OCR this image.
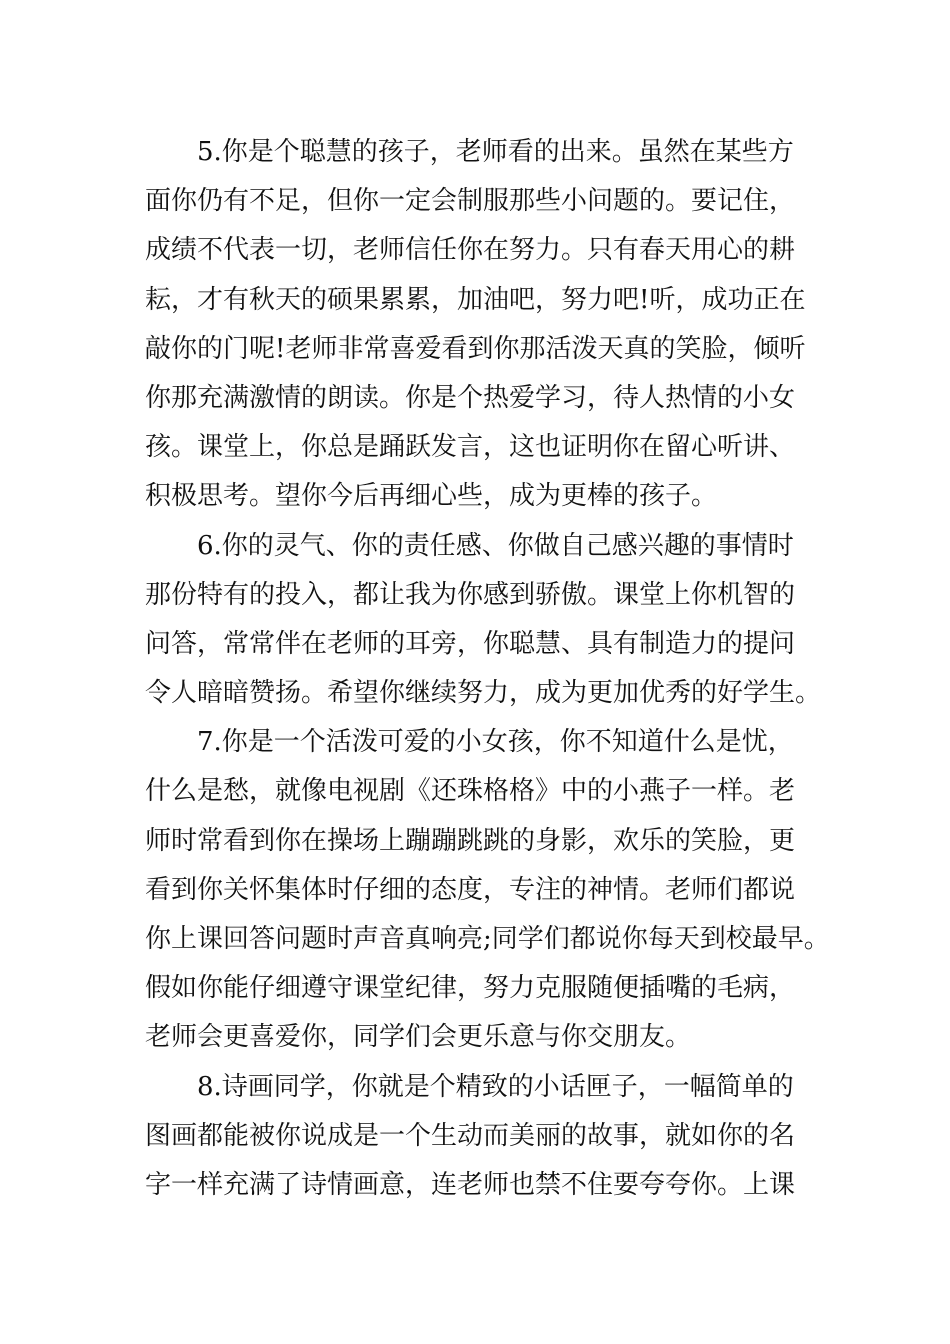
5.你是个聪慧的孩子，老师看的出来。虽然在某些方
面你仍有不足，但你一定会制服那些小问题的。要记住，
成绩不代表一切，老师信任你在努力。只有春天用心的耕
耘，才有秋天的硕果累累，加油吧，努力吧!听，成功正在
敲你的门呢!老师非常喜爱看到你那活泼天真的笑脸，倾听
你那充满激情的朗读。你是个热爱学习，待人热情的小女
孩。课堂上，你总是踊跃发言，这也证明你在留心听讲、
积极思考。望你今后再细心些，成为更棒的孩子。
6.你的灵气、你的责任感、你做自己感兴趣的事情时
那份特有的投入，都让我为你感到骄傲。课堂上你机智的
问答，常常伴在老师的耳旁，你聪慧、具有制造力的提问
令人暗暗赞扬。希望你继续努力，成为更加优秀的好学生。
7.你是一个活泼可爱的小女孩，你不知道什么是忧，
什么是愁，就像电视剧《还珠格格》中的小燕子一样。老
师时常看到你在操场上蹦蹦跳跳的身影，欢乐的笑脸，更
看到你关怀集体时仔细的态度，专注的神情。老师们都说
你上课回答问题时声音真响亮;同学们都说你每天到校最早。
假如你能仔细遵守课堂纪律，努力克服随便插嘴的毛病，
老师会更喜爱你，同学们会更乐意与你交朋友。
8.诗画同学，你就是个精致的小话匣子，一幅简单的
图画都能被你说成是一个生动而美丽的故事，就如你的名
字一样充满了诗情画意，连老师也禁不住要夸夸你。上课
